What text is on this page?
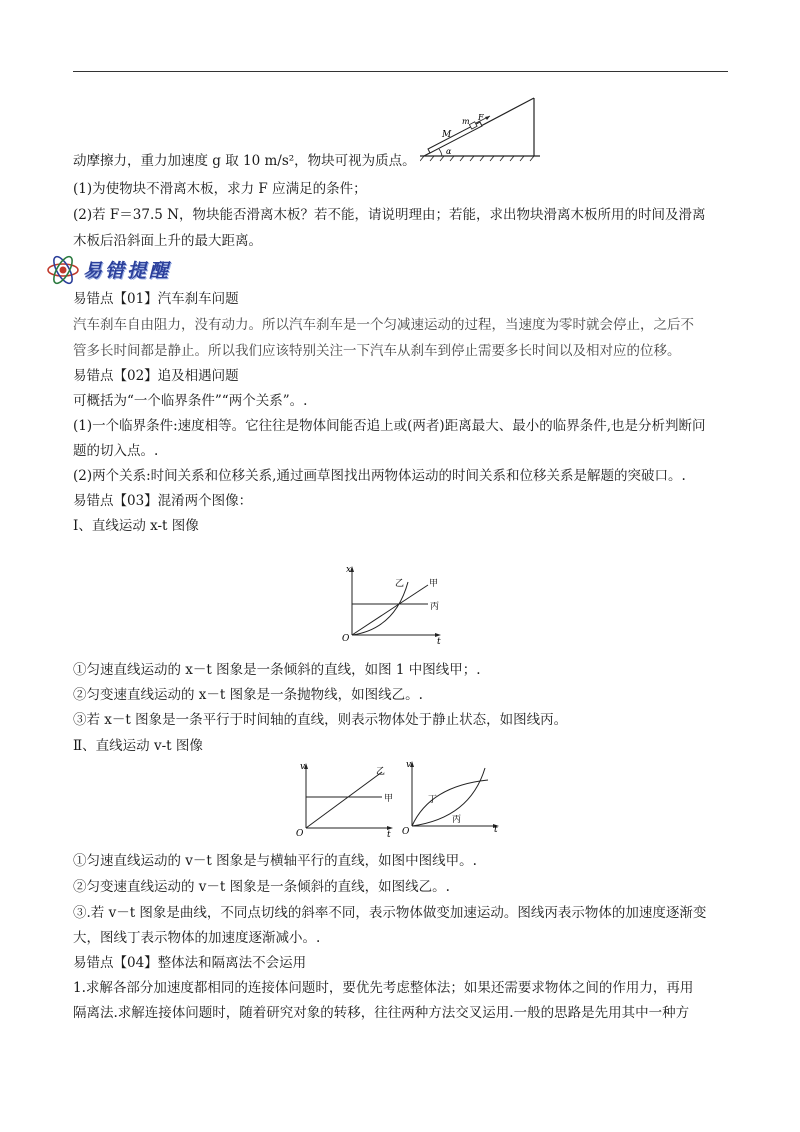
M
m F
α
动摩擦力，重力加速度 g 取 10 m/s²，物块可视为质点。
(1)为使物块不滑离木板，求力 F 应满足的条件；
(2)若 F＝37.5 N，物块能否滑离木板？若不能，请说明理由；若能，求出物块滑离木板所用的时间及滑离
木板后沿斜面上升的最大距离。
易错提醒
易错点【01】汽车刹车问题
汽车刹车自由阻力，没有动力。所以汽车刹车是一个匀减速运动的过程，当速度为零时就会停止，之后不
管多长时间都是静止。所以我们应该特别关注一下汽车从刹车到停止需要多长时间以及相对应的位移。
易错点【02】追及相遇问题
可概括为“一个临界条件”“两个关系”。.
(1)一个临界条件:速度相等。它往往是物体间能否追上或(两者)距离最大、最小的临界条件,也是分析判断问
题的切入点。.
(2)两个关系:时间关系和位移关系,通过画草图找出两物体运动的时间关系和位移关系是解题的突破口。.
易错点【03】混淆两个图像：
Ⅰ、直线运动 x-t 图像
O
x
t
甲
乙
丙
①匀速直线运动的 x－t 图象是一条倾斜的直线，如图 1 中图线甲；.
②匀变速直线运动的 x－t 图象是一条抛物线，如图线乙。.
③若 x－t 图象是一条平行于时间轴的直线，则表示物体处于静止状态，如图线丙。
Ⅱ、直线运动 v-t 图像
O
v
t
甲
乙
O
v
t
丁
丙
①匀速直线运动的 v－t 图象是与横轴平行的直线，如图中图线甲。.
②匀变速直线运动的 v－t 图象是一条倾斜的直线，如图线乙。.
③.若 v－t 图象是曲线，不同点切线的斜率不同，表示物体做变加速运动。图线丙表示物体的加速度逐渐变
大，图线丁表示物体的加速度逐渐减小。.
易错点【04】整体法和隔离法不会运用
1.求解各部分加速度都相同的连接体问题时，要优先考虑整体法；如果还需要求物体之间的作用力，再用
隔离法.求解连接体问题时，随着研究对象的转移，往往两种方法交叉运用.一般的思路是先用其中一种方
